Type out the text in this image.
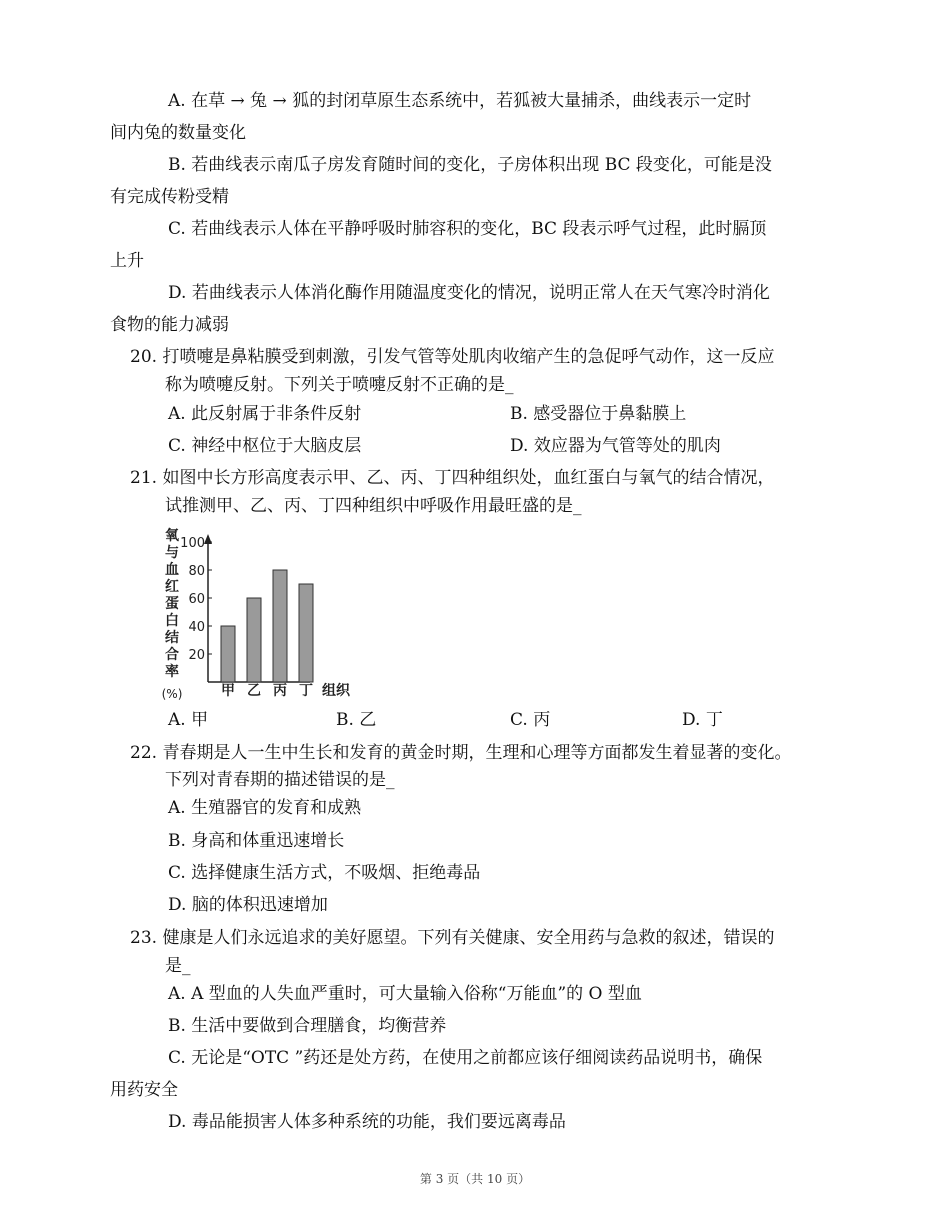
A. 在草 → 兔 → 狐的封闭草原生态系统中，若狐被大量捕杀，曲线表示一定时
间内兔的数量变化
B. 若曲线表示南瓜子房发育随时间的变化，子房体积出现 BC 段变化，可能是没
有完成传粉受精
C. 若曲线表示人体在平静呼吸时肺容积的变化，BC 段表示呼气过程，此时膈顶
上升
D. 若曲线表示人体消化酶作用随温度变化的情况，说明正常人在天气寒冷时消化
食物的能力减弱
20. 打喷嚏是鼻粘膜受到刺激，引发气管等处肌肉收缩产生的急促呼气动作，这一反应
称为喷嚏反射。下列关于喷嚏反射不正确的是_
A. 此反射属于非条件反射	B. 感受器位于鼻黏膜上
C. 神经中枢位于大脑皮层	D. 效应器为气管等处的肌肉
21. 如图中长方形高度表示甲、乙、丙、丁四种组织处，血红蛋白与氧气的结合情况，
试推测甲、乙、丙、丁四种组织中呼吸作用最旺盛的是_
氧
与
血
红
蛋
白
结
合
率
(%)
20
40
60
80
100
甲 乙 丙 丁 组织
A. 甲	B. 乙	C. 丙	D. 丁
22. 青春期是人一生中生长和发育的黄金时期，生理和心理等方面都发生着显著的变化。
下列对青春期的描述错误的是_
A. 生殖器官的发育和成熟
B. 身高和体重迅速增长
C. 选择健康生活方式，不吸烟、拒绝毒品
D. 脑的体积迅速增加
23. 健康是人们永远追求的美好愿望。下列有关健康、安全用药与急救的叙述，错误的
是_
A. A 型血的人失血严重时，可大量输入俗称“万能血”的 O 型血
B. 生活中要做到合理膳食，均衡营养
C. 无论是“OTC ”药还是处方药，在使用之前都应该仔细阅读药品说明书，确保
用药安全
D. 毒品能损害人体多种系统的功能，我们要远离毒品
第 3 页（共 10 页）
